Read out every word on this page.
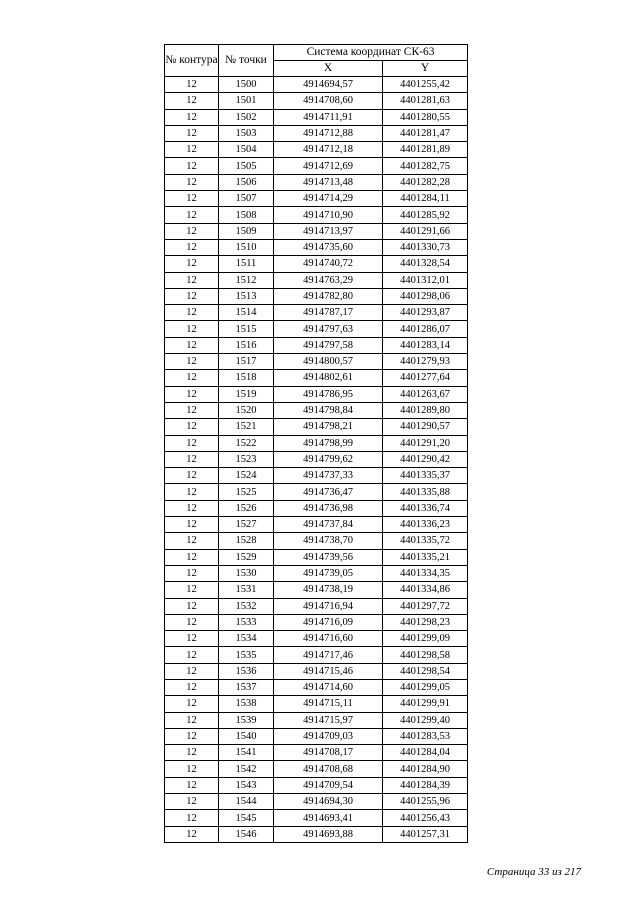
№ контура	№ точки	Система координат СК-63	
		X	Y
12	1500	4914694,57	4401255,42
12	1501	4914708,60	4401281,63
12	1502	4914711,91	4401280,55
12	1503	4914712,88	4401281,47
12	1504	4914712,18	4401281,89
12	1505	4914712,69	4401282,75
12	1506	4914713,48	4401282,28
12	1507	4914714,29	4401284,11
12	1508	4914710,90	4401285,92
12	1509	4914713,97	4401291,66
12	1510	4914735,60	4401330,73
12	1511	4914740,72	4401328,54
12	1512	4914763,29	4401312,01
12	1513	4914782,80	4401298,06
12	1514	4914787,17	4401293,87
12	1515	4914797,63	4401286,07
12	1516	4914797,58	4401283,14
12	1517	4914800,57	4401279,93
12	1518	4914802,61	4401277,64
12	1519	4914786,95	4401263,67
12	1520	4914798,84	4401289,80
12	1521	4914798,21	4401290,57
12	1522	4914798,99	4401291,20
12	1523	4914799,62	4401290,42
12	1524	4914737,33	4401335,37
12	1525	4914736,47	4401335,88
12	1526	4914736,98	4401336,74
12	1527	4914737,84	4401336,23
12	1528	4914738,70	4401335,72
12	1529	4914739,56	4401335,21
12	1530	4914739,05	4401334,35
12	1531	4914738,19	4401334,86
12	1532	4914716,94	4401297,72
12	1533	4914716,09	4401298,23
12	1534	4914716,60	4401299,09
12	1535	4914717,46	4401298,58
12	1536	4914715,46	4401298,54
12	1537	4914714,60	4401299,05
12	1538	4914715,11	4401299,91
12	1539	4914715,97	4401299,40
12	1540	4914709,03	4401283,53
12	1541	4914708,17	4401284,04
12	1542	4914708,68	4401284,90
12	1543	4914709,54	4401284,39
12	1544	4914694,30	4401255,96
12	1545	4914693,41	4401256,43
12	1546	4914693,88	4401257,31
Страница 33 из 217
